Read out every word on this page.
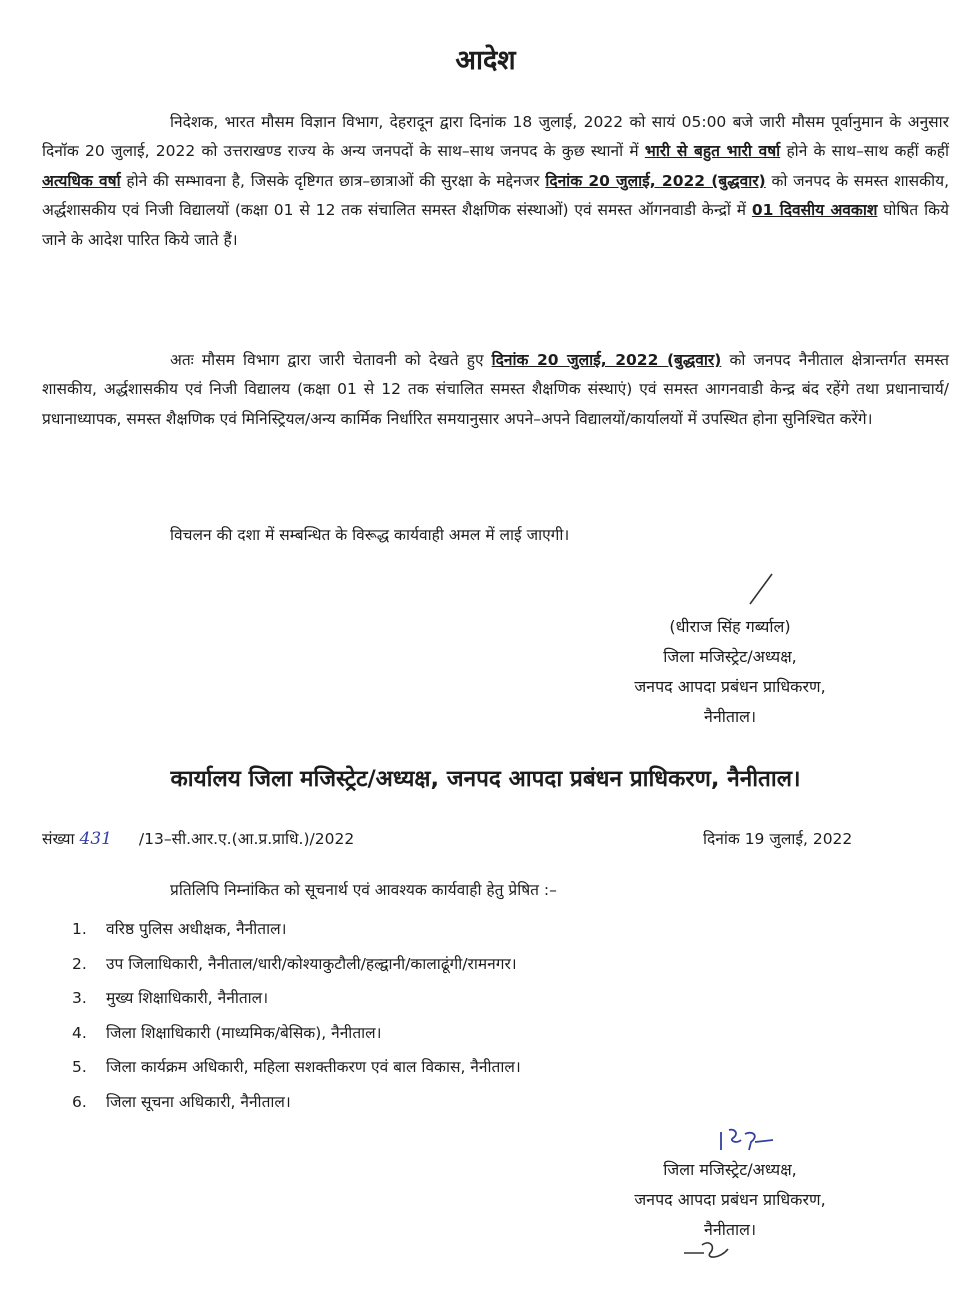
आदेश
निदेशक, भारत मौसम विज्ञान विभाग, देहरादून द्वारा दिनांक 18 जुलाई, 2022 को सायं 05:00 बजे जारी मौसम पूर्वानुमान के अनुसार दिनॉक 20 जुलाई, 2022 को उत्तराखण्ड राज्य के अन्य जनपदों के साथ–साथ जनपद के कुछ स्थानों में भारी से बहुत भारी वर्षा होने के साथ–साथ कहीं कहीं अत्यधिक वर्षा होने की सम्भावना है, जिसके दृष्टिगत छात्र–छात्राओं की सुरक्षा के मद्देनजर दिनांक 20 जुलाई, 2022 (बुद्धवार) को जनपद के समस्त शासकीय, अर्द्धशासकीय एवं निजी विद्यालयों (कक्षा 01 से 12 तक संचालित समस्त शैक्षणिक संस्थाओं) एवं समस्त ऑगनवाडी केन्द्रों में 01 दिवसीय अवकाश घोषित किये जाने के आदेश पारित किये जाते हैं।
अतः मौसम विभाग द्वारा जारी चेतावनी को देखते हुए दिनांक 20 जुलाई, 2022 (बुद्धवार) को जनपद नैनीताल क्षेत्रान्तर्गत समस्त शासकीय, अर्द्धशासकीय एवं निजी विद्यालय (कक्षा 01 से 12 तक संचालित समस्त शैक्षणिक संस्थाएं) एवं समस्त आगनवाडी केन्द्र बंद रहेंगे तथा प्रधानाचार्य/प्रधानाध्यापक, समस्त शैक्षणिक एवं मिनिस्ट्रियल/अन्य कार्मिक निर्धारित समयानुसार अपने–अपने विद्यालयों/कार्यालयों में उपस्थित होना सुनिश्चित करेंगे।
विचलन की दशा में सम्बन्धित के विरूद्ध कार्यवाही अमल में लाई जाएगी।
(धीराज सिंह गर्ब्याल)
जिला मजिस्ट्रेट/अध्यक्ष,
जनपद आपदा प्रबंधन प्राधिकरण,
नैनीताल।
कार्यालय जिला मजिस्ट्रेट/अध्यक्ष, जनपद आपदा प्रबंधन प्राधिकरण, नैनीताल।
संख्या 431 /13–सी.आर.ए.(आ.प्र.प्राधि.)/2022	दिनांक 19 जुलाई, 2022
प्रतिलिपि निम्नांकित को सूचनार्थ एवं आवश्यक कार्यवाही हेतु प्रेषित :–
1. वरिष्ठ पुलिस अधीक्षक, नैनीताल।
2. उप जिलाधिकारी, नैनीताल/धारी/कोश्याकुटौली/हल्द्वानी/कालाढूंगी/रामनगर।
3. मुख्य शिक्षाधिकारी, नैनीताल।
4. जिला शिक्षाधिकारी (माध्यमिक/बेसिक), नैनीताल।
5. जिला कार्यक्रम अधिकारी, महिला सशक्तीकरण एवं बाल विकास, नैनीताल।
6. जिला सूचना अधिकारी, नैनीताल।
जिला मजिस्ट्रेट/अध्यक्ष,
जनपद आपदा प्रबंधन प्राधिकरण,
नैनीताल।
